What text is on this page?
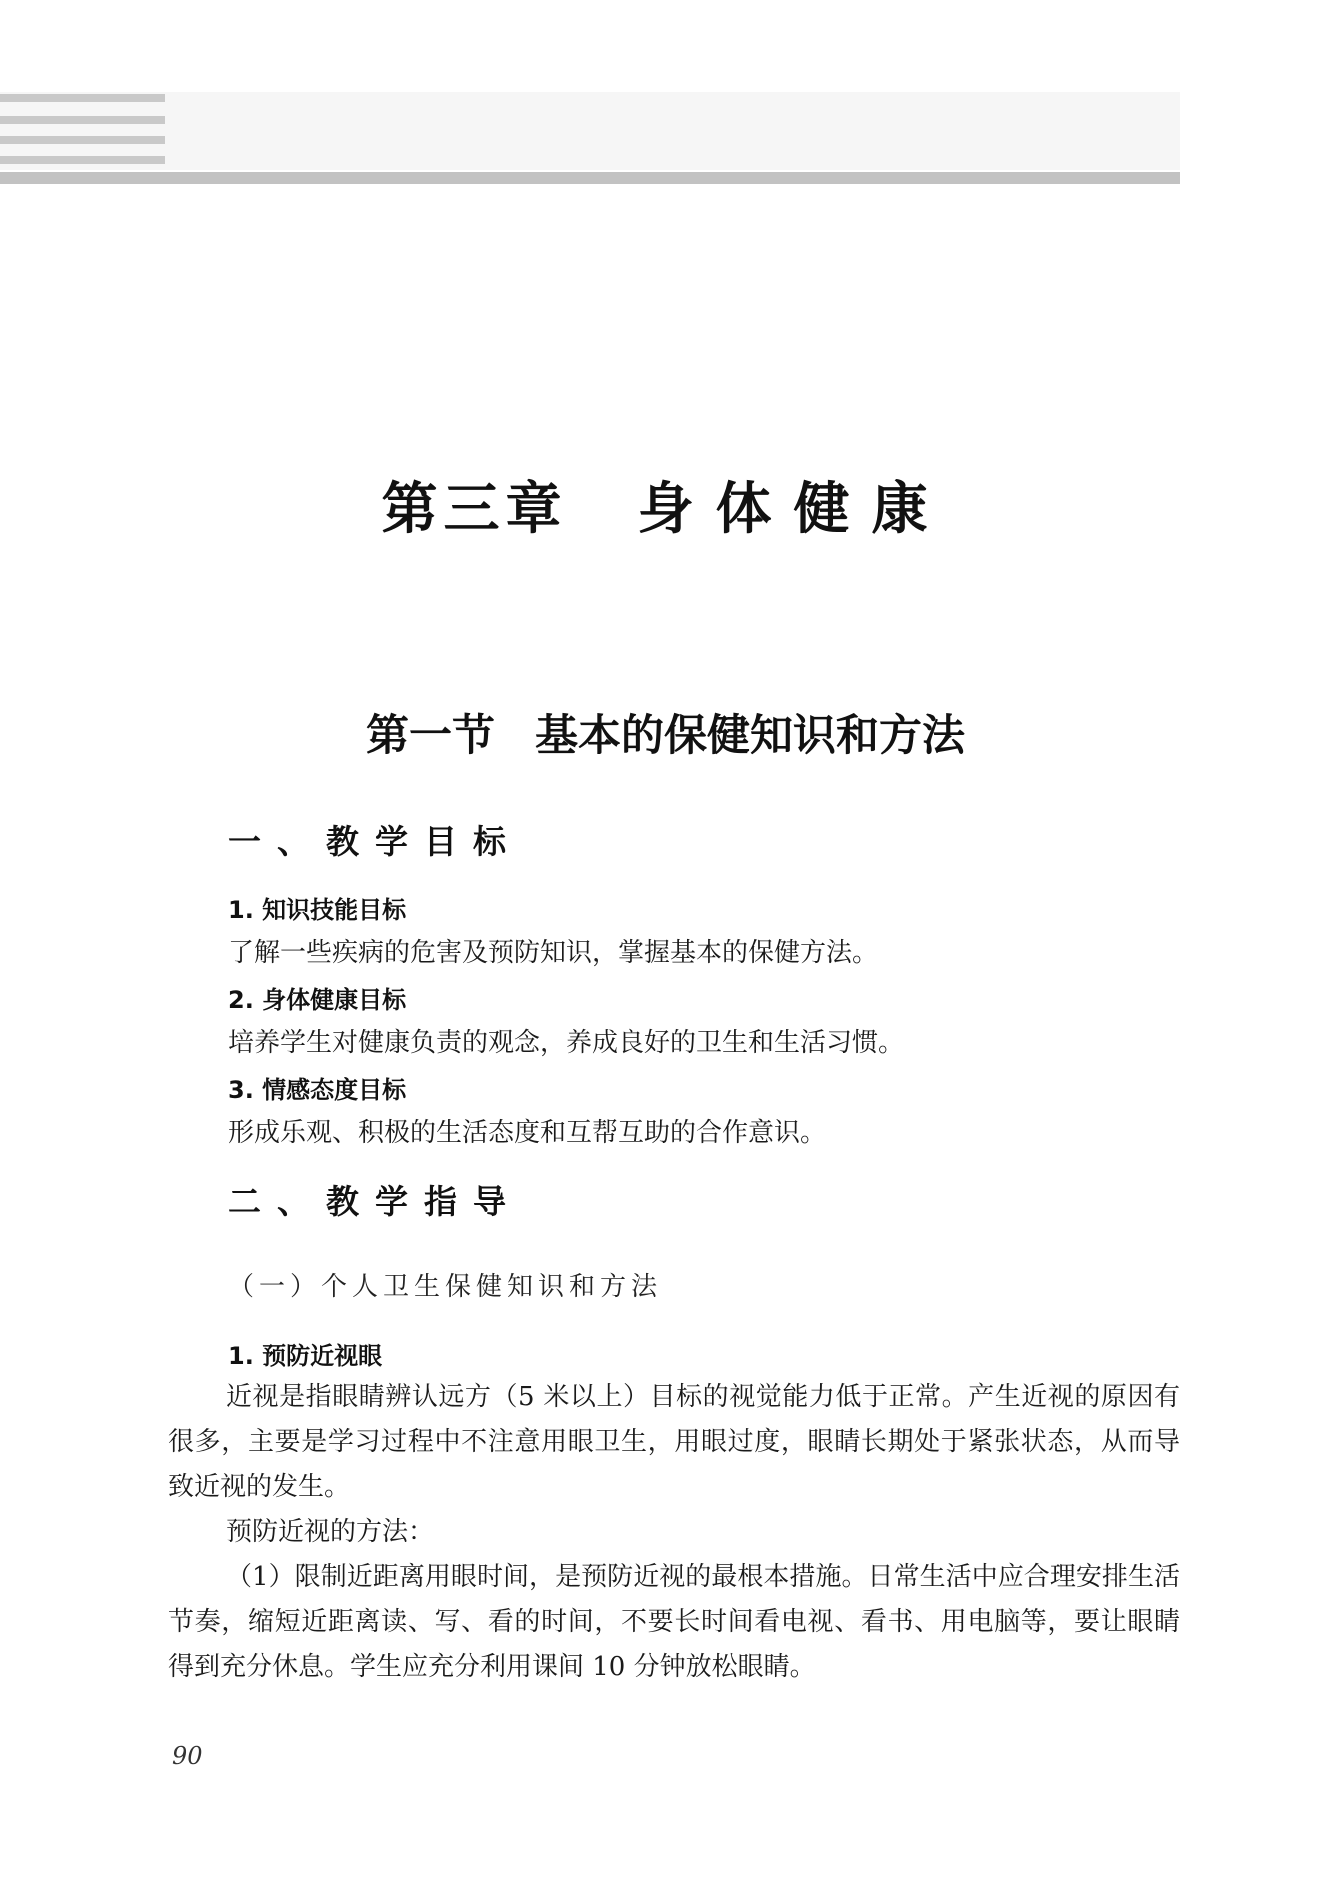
第三章 身体健康
第一节 基本的保健知识和方法
一、教学目标
1. 知识技能目标
了解一些疾病的危害及预防知识，掌握基本的保健方法。
2. 身体健康目标
培养学生对健康负责的观念，养成良好的卫生和生活习惯。
3. 情感态度目标
形成乐观、积极的生活态度和互帮互助的合作意识。
二、教学指导
（一）个人卫生保健知识和方法
1. 预防近视眼

近视是指眼睛辨认远方（5 米以上）目标的视觉能力低于正常。产生近视的原因有很多，主要是学习过程中不注意用眼卫生，用眼过度，眼睛长期处于紧张状态，从而导致近视的发生。

预防近视的方法：

（1）限制近距离用眼时间，是预防近视的最根本措施。日常生活中应合理安排生活节奏，缩短近距离读、写、看的时间，不要长时间看电视、看书、用电脑等，要让眼睛得到充分休息。学生应充分利用课间 10 分钟放松眼睛。

90
